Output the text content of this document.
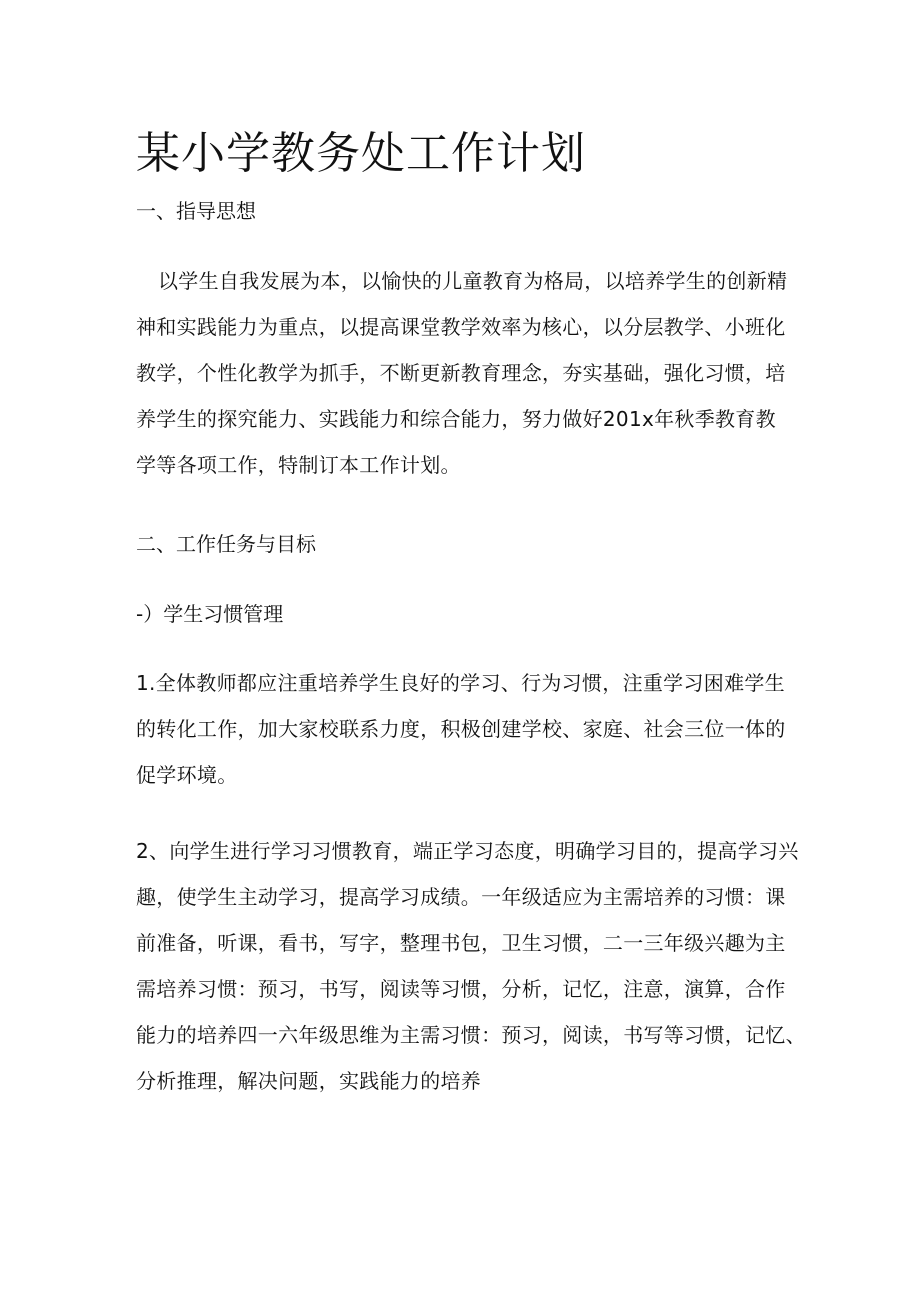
某小学教务处工作计划
一、指导思想
以学生自我发展为本，以愉快的儿童教育为格局，以培养学生的创新精
神和实践能力为重点，以提高课堂教学效率为核心，以分层教学、小班化
教学，个性化教学为抓手，不断更新教育理念，夯实基础，强化习惯，培
养学生的探究能力、实践能力和综合能力，努力做好201x年秋季教育教
学等各项工作，特制订本工作计划。
二、工作任务与目标
-）学生习惯管理
1.全体教师都应注重培养学生良好的学习、行为习惯，注重学习困难学生
的转化工作，加大家校联系力度，积极创建学校、家庭、社会三位一体的
促学环境。
2、向学生进行学习习惯教育，端正学习态度，明确学习目的，提高学习兴
趣，使学生主动学习，提高学习成绩。一年级适应为主需培养的习惯：课
前准备，听课，看书，写字，整理书包，卫生习惯，二一三年级兴趣为主
需培养习惯：预习，书写，阅读等习惯，分析，记忆，注意，演算，合作
能力的培养四一六年级思维为主需习惯：预习，阅读，书写等习惯，记忆、
分析推理，解决问题，实践能力的培养
